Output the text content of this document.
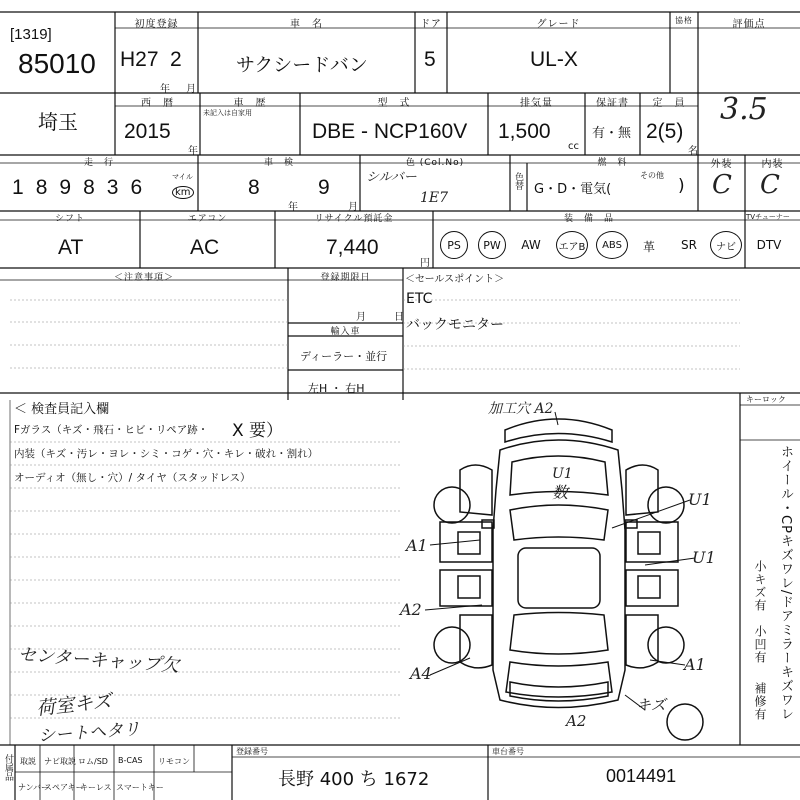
[1319]
85010
初度登録
H27 2
年 月
車　名
サクシードバン
ドア
5
グレード
UL-X
協格	評価点
3.5
埼玉
西　暦
2015
年
車　歴
未記入は自家用
型　式
DBE - NCP160V
排気量
1,500
cc
保証書
有・無
定　員
2(5)
名
走　行
189836	マイル
km
車　検
8	9
年	月
色 (Col.No)
シルバー
1E7
色替
燃　料
G・D・電気(
その他
)
外装
C
内装
C
シフト
AT
エアコン
AC
リサイクル預託金
7,440
円
装　備　品	TVチューナー
PS	PW	AW	エアB	ABS	革	SR	ナビ	DTV
＜注意事項＞	登録期限日
月	日
輸入車
ディーラー・並行
左H ・ 右H
＜セールスポイント＞
ETC
バックモニター
キーロック
＜ 検査員記入欄
Fガラス（キズ・飛石・ヒビ・リペア跡・ X 要）
内装（キズ・汚レ・ヨレ・シミ・コゲ・穴・キレ・破れ・割れ）
オーディオ（無し・穴）/ タイヤ（スタッドレス）
センターキャップ欠
荷室キズ
シートヘタリ
加工穴 A2
U1
数
A1
A2
A4
U1
U1
A1
キズ
A2	ホイール・CPキズワレ/ドアミラーキズワレ
小キズ有　小凹有
補修有
付属品 取説 ナビ取説 ロム/SD B-CAS リモコン
ナンバー
スペアキー
キーレス スマートキー
登録番号
長野 400 ち 1672
車台番号
0014491
